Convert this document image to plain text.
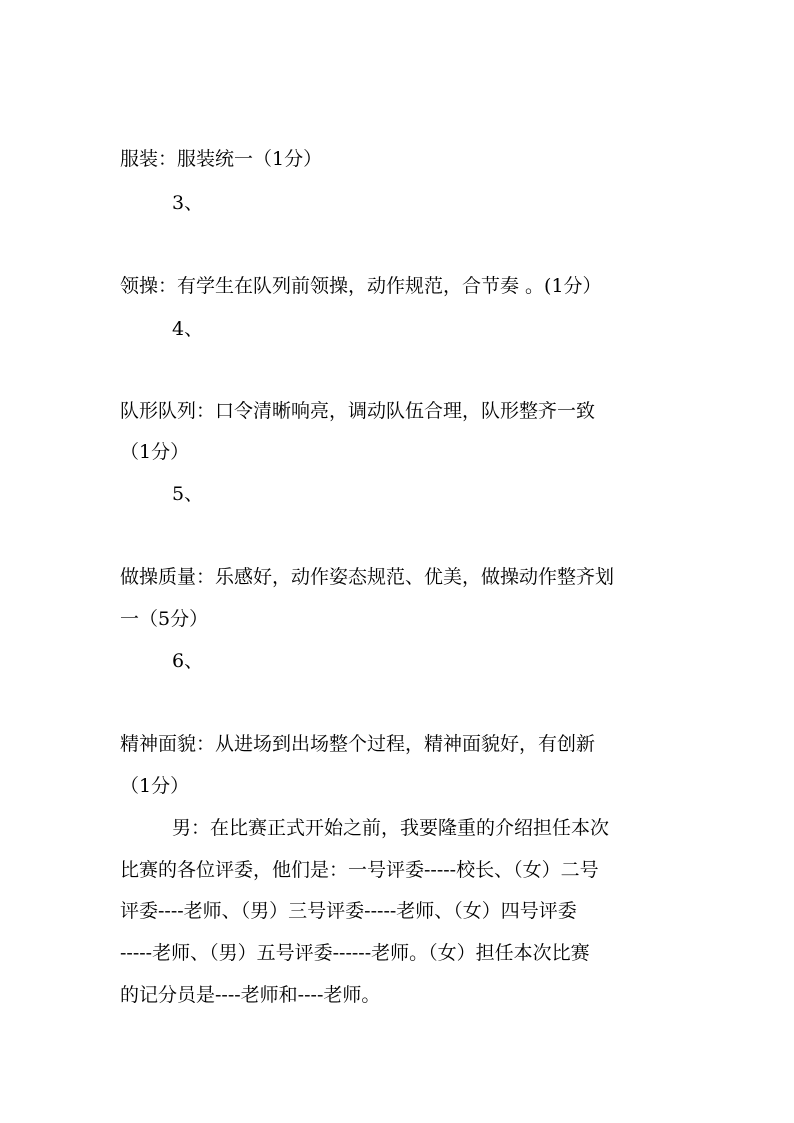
服装：服装统一（1分）
3、
领操：有学生在队列前领操，动作规范，合节奏 。(1分）
4、
队形队列：口令清晰响亮，调动队伍合理，队形整齐一致
（1分）
5、
做操质量：乐感好，动作姿态规范、优美，做操动作整齐划
一（5分）
6、
精神面貌：从进场到出场整个过程，精神面貌好，有创新
（1分）
男：在比赛正式开始之前，我要隆重的介绍担任本次
比赛的各位评委，他们是：一号评委-----校长、（女）二号
评委----老师、（男）三号评委-----老师、（女）四号评委
-----老师、（男）五号评委------老师。（女）担任本次比赛
的记分员是----老师和----老师。
